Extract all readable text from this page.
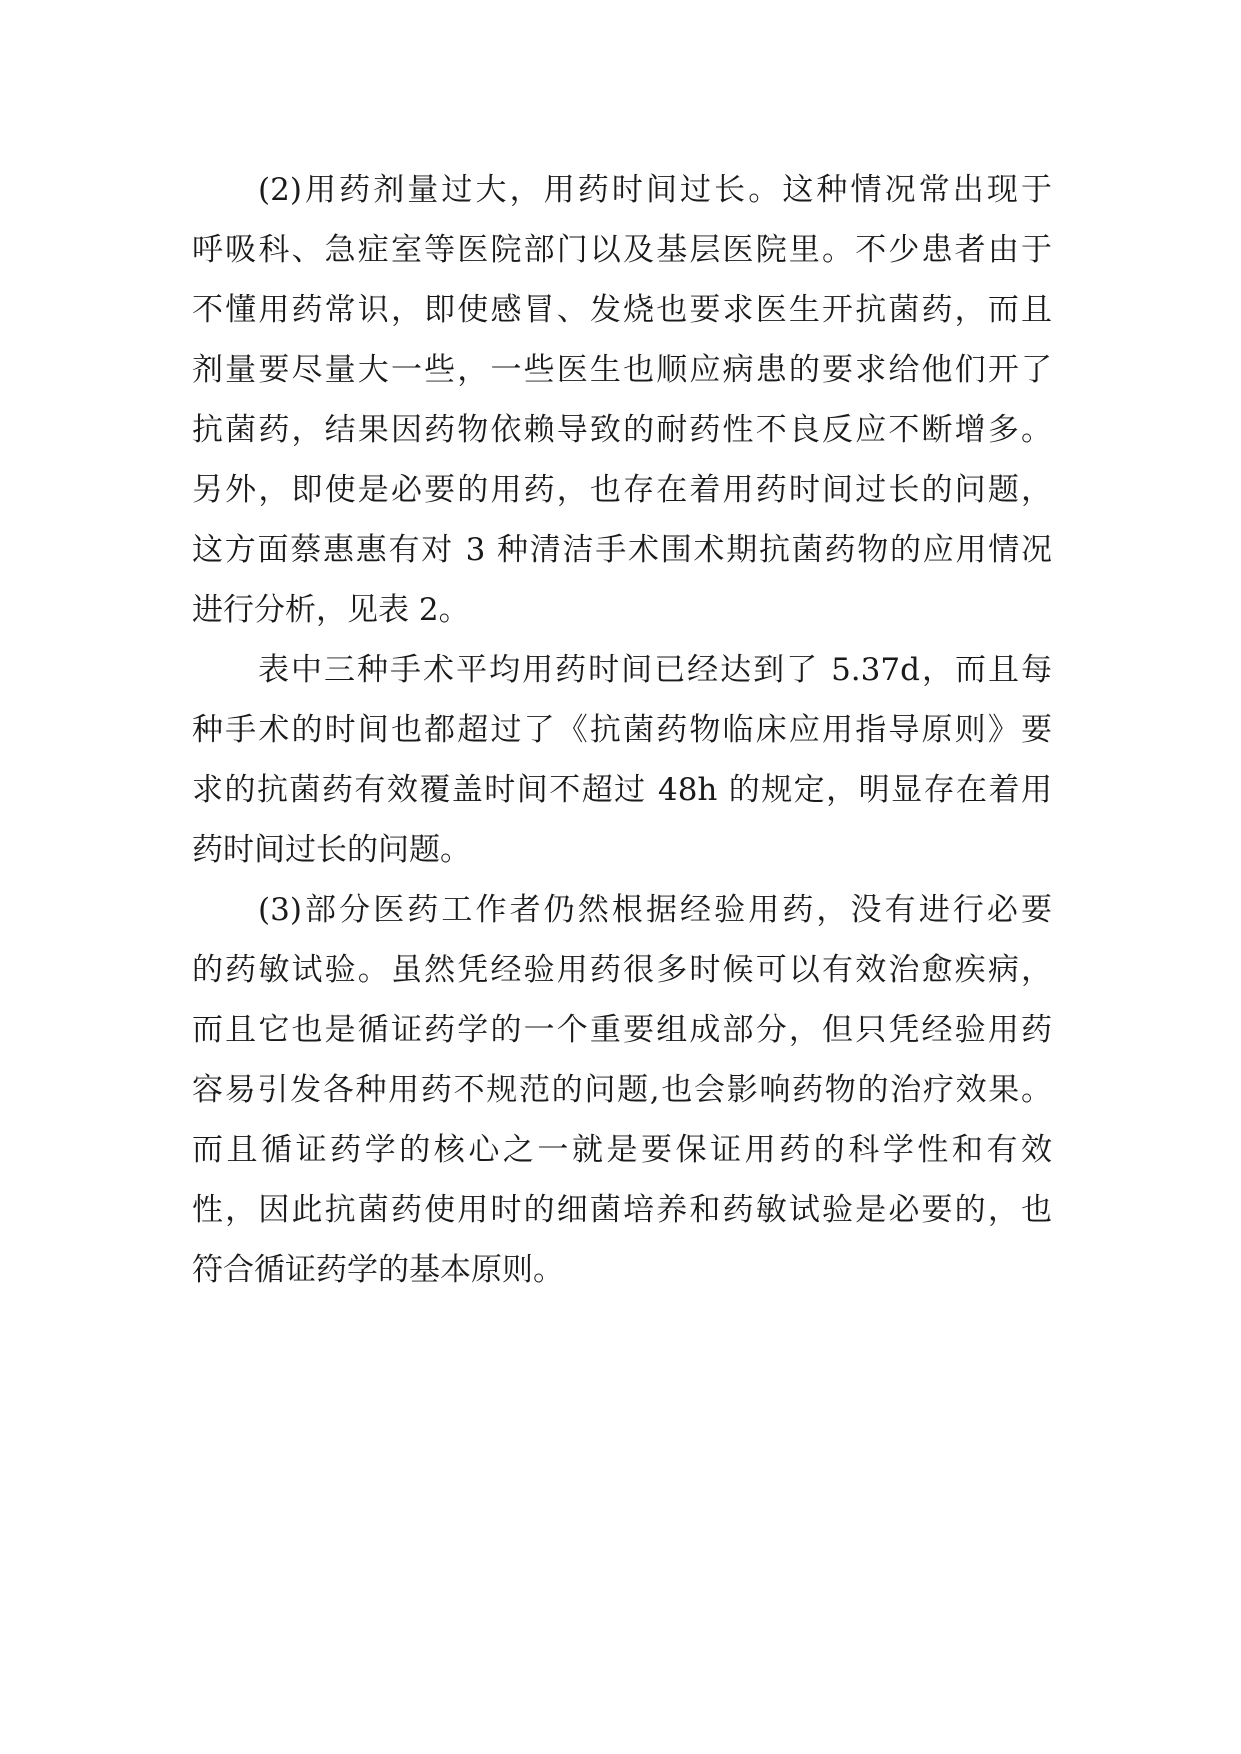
(2)用药剂量过大，用药时间过长。这种情况常出现于
呼吸科、急症室等医院部门以及基层医院里。不少患者由于
不懂用药常识，即使感冒、发烧也要求医生开抗菌药，而且
剂量要尽量大一些，一些医生也顺应病患的要求给他们开了
抗菌药，结果因药物依赖导致的耐药性不良反应不断增多。
另外，即使是必要的用药，也存在着用药时间过长的问题，
这方面蔡惠惠有对 3 种清洁手术围术期抗菌药物的应用情况
进行分析，见表 2。
表中三种手术平均用药时间已经达到了 5.37d，而且每
种手术的时间也都超过了《抗菌药物临床应用指导原则》要
求的抗菌药有效覆盖时间不超过 48h 的规定，明显存在着用
药时间过长的问题。
(3)部分医药工作者仍然根据经验用药，没有进行必要
的药敏试验。虽然凭经验用药很多时候可以有效治愈疾病，
而且它也是循证药学的一个重要组成部分，但只凭经验用药
容易引发各种用药不规范的问题,也会影响药物的治疗效果。
而且循证药学的核心之一就是要保证用药的科学性和有效
性，因此抗菌药使用时的细菌培养和药敏试验是必要的，也
符合循证药学的基本原则。
